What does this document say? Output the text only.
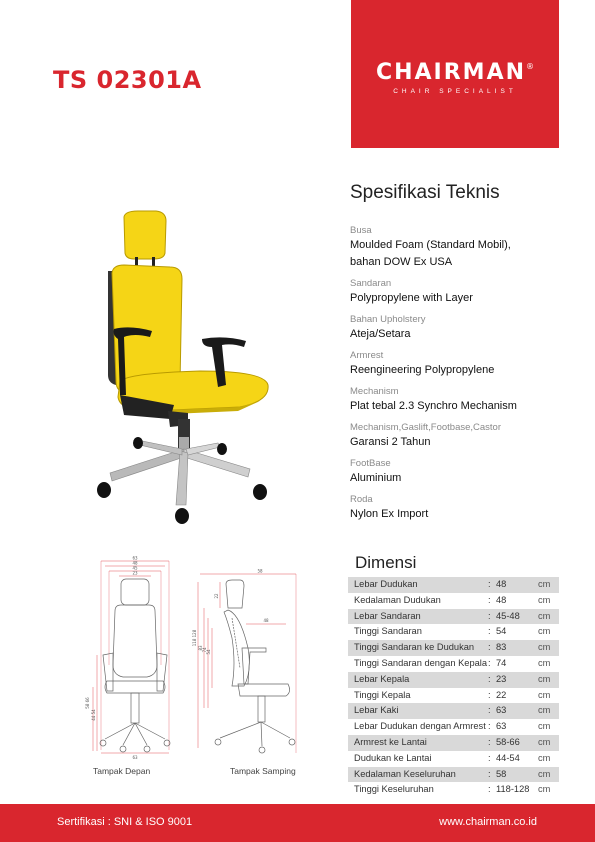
TS 02301A	CHAIRMAN®
CHAIR SPECIALIST
Spesifikasi Teknis
Busa
Moulded Foam (Standard Mobil),
bahan DOW Ex USA
Sandaran
Polypropylene with Layer
Bahan Upholstery
Ateja/Setara
Armrest
Reengineering Polypropylene
Mechanism
Plat tebal 2.3 Synchro Mechanism
Mechanism,Gaslift,Footbase,Castor
Garansi 2 Tahun
FootBase
Aluminium
Roda
Nylon Ex Import
63
48
45
23
63
58 66
44 54
Tampak Depan
58
22
118 128
83 74 54
48
Tampak Samping
Dimensi
Lebar Dudukan	: 48	cm
Kedalaman Dudukan	: 48	cm
Lebar Sandaran	: 45-48 cm
Tinggi Sandaran	: 54	cm
Tinggi Sandaran ke Dudukan : 83	cm
Tinggi Sandaran dengan Kepala : 74	cm
Lebar Kepala	: 23	cm
Tinggi Kepala	: 22	cm
Lebar Kaki	: 63	cm
Lebar Dudukan dengan Armrest : 63	cm
Armrest ke Lantai	: 58-66 cm
Dudukan ke Lantai	: 44-54 cm
Kedalaman Keseluruhan	: 58	cm
Tinggi Keseluruhan	: 118-128 cm
Sertifikasi : SNI & ISO 9001	www.chairman.co.id
